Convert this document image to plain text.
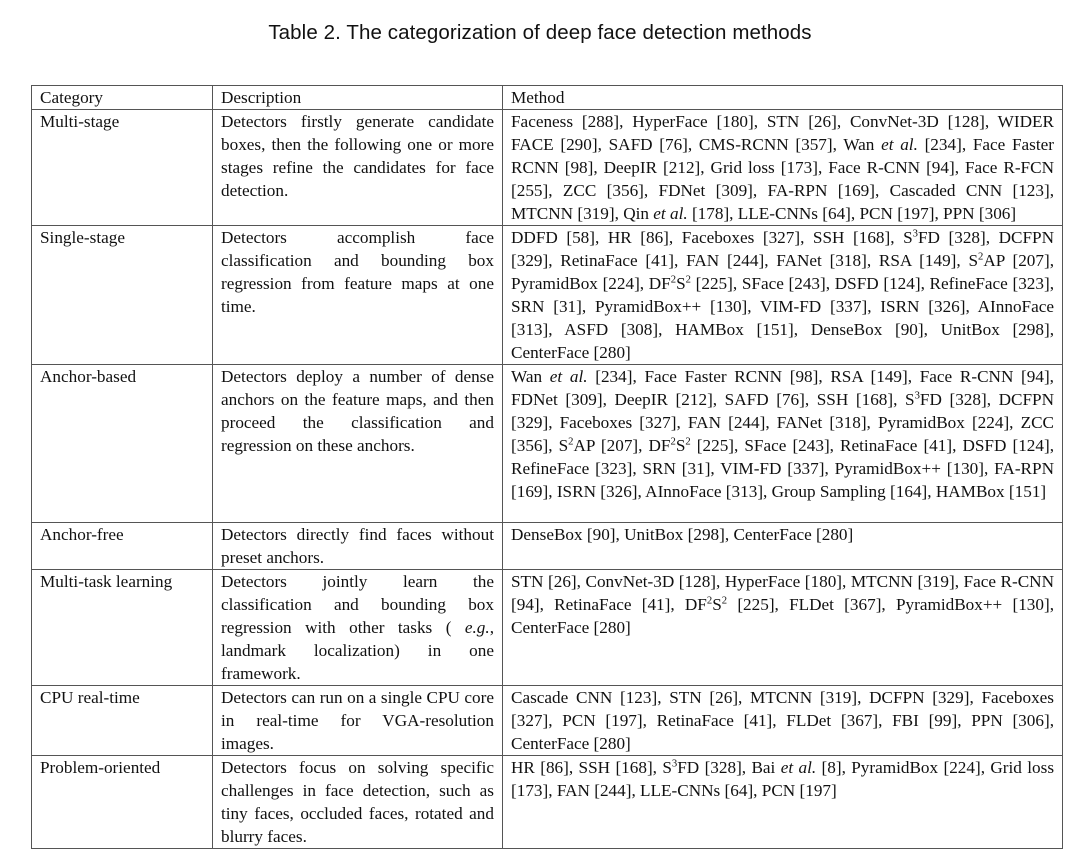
Table 2. The categorization of deep face detection methods
Category	Description	Method
Multi-stage	Detectors firstly generate candidate boxes, then the following one or more stages refine the candidates for face detection.	Faceness [288], HyperFace [180], STN [26], ConvNet-3D [128], WIDER FACE [290], SAFD [76], CMS-RCNN [357], Wan et al. [234], Face Faster RCNN [98], DeepIR [212], Grid loss [173], Face R-CNN [94], Face R-FCN [255], ZCC [356], FDNet [309], FA-RPN [169], Cascaded CNN [123], MTCNN [319], Qin et al. [178], LLE-CNNs [64], PCN [197], PPN [306]
Single-stage	Detectors accomplish face classification and bounding box regression from feature maps at one time.	DDFD [58], HR [86], Faceboxes [327], SSH [168], $S^3FD$ [328], DCFPN [329], RetinaFace [41], FAN [244], FANet [318], RSA [149], $S^2AP$ [207], PyramidBox [224], $DF^2S^2$ [225], SFace [243], DSFD [124], RefineFace [323], SRN [31], PyramidBox++ [130], VIM-FD [337], ISRN [326], AInnoFace [313], ASFD [308], HAMBox [151], DenseBox [90], UnitBox [298], CenterFace [280]
Anchor-based	Detectors deploy a number of dense anchors on the feature maps, and then proceed the classification and regression on these anchors.	Wan et al. [234], Face Faster RCNN [98], RSA [149], Face R-CNN [94], FDNet [309], DeepIR [212], SAFD [76], SSH [168], $S^3FD$ [328], DCFPN [329], Faceboxes [327], FAN [244], FANet [318], PyramidBox [224], ZCC [356], $S^2AP$ [207], $DF^2S^2$ [225], SFace [243], RetinaFace [41], DSFD [124], RefineFace [323], SRN [31], VIM-FD [337], PyramidBox++ [130], FA-RPN [169], ISRN [326], AInnoFace [313], Group Sampling [164], HAMBox [151]
Anchor-free	Detectors directly find faces without preset anchors.	DenseBox [90], UnitBox [298], CenterFace [280]
Multi-task learning	Detectors jointly learn the classification and bounding box regression with other tasks ( e.g., landmark localization) in one framework.	STN [26], ConvNet-3D [128], HyperFace [180], MTCNN [319], Face R-CNN [94], RetinaFace [41], $DF^2S^2$ [225], FLDet [367], PyramidBox++ [130], CenterFace [280]
CPU real-time	Detectors can run on a single CPU core in real-time for VGA-resolution images.	Cascade CNN [123], STN [26], MTCNN [319], DCFPN [329], Faceboxes [327], PCN [197], RetinaFace [41], FLDet [367], FBI [99], PPN [306], CenterFace [280]
Problem-oriented	Detectors focus on solving specific challenges in face detection, such as tiny faces, occluded faces, rotated and blurry faces.	HR [86], SSH [168], $S^3FD$ [328], Bai et al. [8], PyramidBox [224], Grid loss [173], FAN [244], LLE-CNNs [64], PCN [197]
